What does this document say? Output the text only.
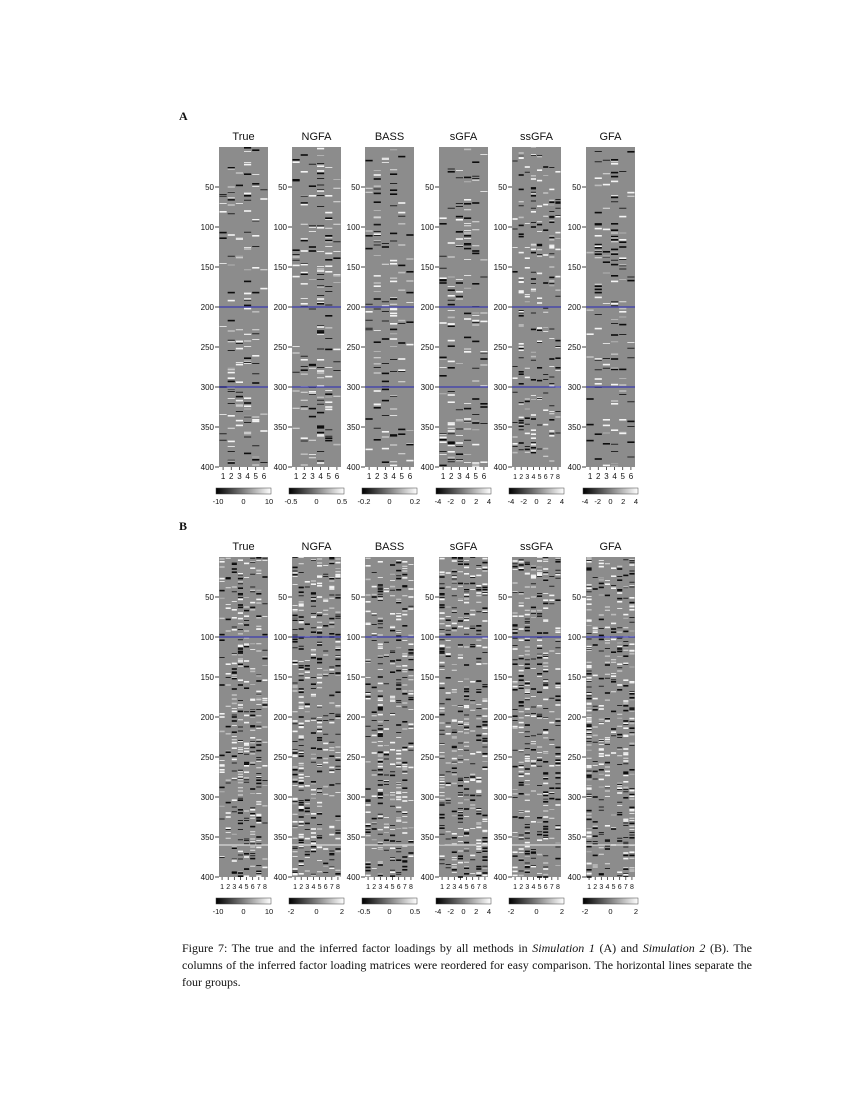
A
True
50
100
150
200
250
300
350
400
1 2 3 4 5 6
-10 0	10
NGFA
50
100
150
200
250
300
350
400
1 2 3 4 5 6
-0.5 0 0.5
BASS
50
100
150
200
250
300
350
400
1 2 3 4 5 6
-0.2 0 0.2
sGFA
50
100
150
200
250
300
350
400
1 2 3 4 5 6
-4 -2 0 2 4
ssGFA
50
100
150
200
250
300
350
400
1 2 3 4 5 6 7 8
-4 -2 0 2 4
GFA
50
100
150
200
250
300
350
400
1 2 3 4 5 6
-4 -2 0 2 4
B
True
50
100
150
200
250
300
350
400
1 2 3 4 5 6 7 8
-10 0	10
NGFA
50
100
150
200
250
300
350
400
1 2 3 4 5 6 7 8
-2	0	2
BASS
50
100
150
200
250
300
350
400
1 2 3 4 5 6 7 8
-0.5 0 0.5
sGFA
50
100
150
200
250
300
350
400
1 2 3 4 5 6 7 8
-4 -2 0 2 4
ssGFA
50
100
150
200
250
300
350
400
1 2 3 4 5 6 7 8
-2	0	2
GFA
50
100
150
200
250
300
350
400
1 2 3 4 5 6 7 8
-2	0	2
Figure 7: The true and the inferred factor loadings by all methods in Simulation 1 (A) and Simulation 2 (B). The columns of the inferred factor loading matrices were reordered for easy comparison. The horizontal lines separate the four groups.
